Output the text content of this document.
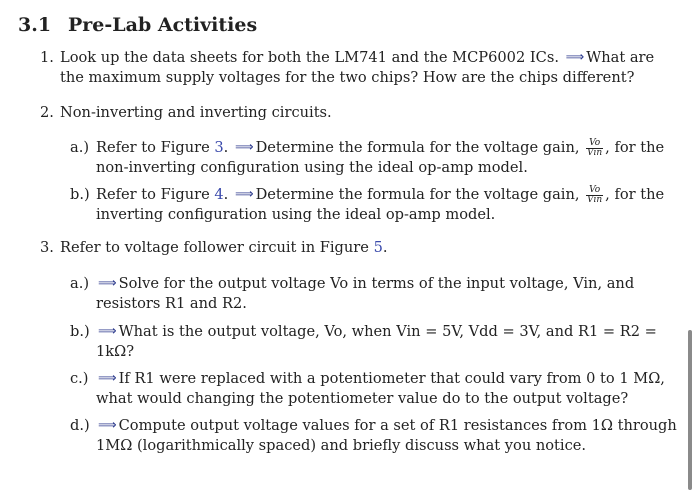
3.1 Pre-Lab Activities
1. Look up the data sheets for both the LM741 and the MCP6002 ICs. ⟹ What are
the maximum supply voltages for the two chips? How are the chips different?
2. Non-inverting and inverting circuits.
a.) Refer to Figure 3. ⟹ Determine the formula for the voltage gain, $\frac{Vo}{\text{Vin}}$ , for the
non-inverting configuration using the ideal op-amp model.
b.) Refer to Figure 4. ⟹ Determine the formula for the voltage gain, $\frac{Vo}{\text{Vin}}$ , for the
inverting configuration using the ideal op-amp model.
3. Refer to voltage follower circuit in Figure 5.
a.) ⟹ Solve for the output voltage Vo in terms of the input voltage, Vin, and
resistors R1 and R2.
b.) ⟹ What is the output voltage, Vo, when Vin = 5V, Vdd = 3V, and R1 = R2 =
1kΩ?
c.) ⟹ If R1 were replaced with a potentiometer that could vary from 0 to 1 MΩ,
what would changing the potentiometer value do to the output voltage?
d.) ⟹ Compute output voltage values for a set of R1 resistances from 1Ω through
1MΩ (logarithmically spaced) and briefly discuss what you notice.
